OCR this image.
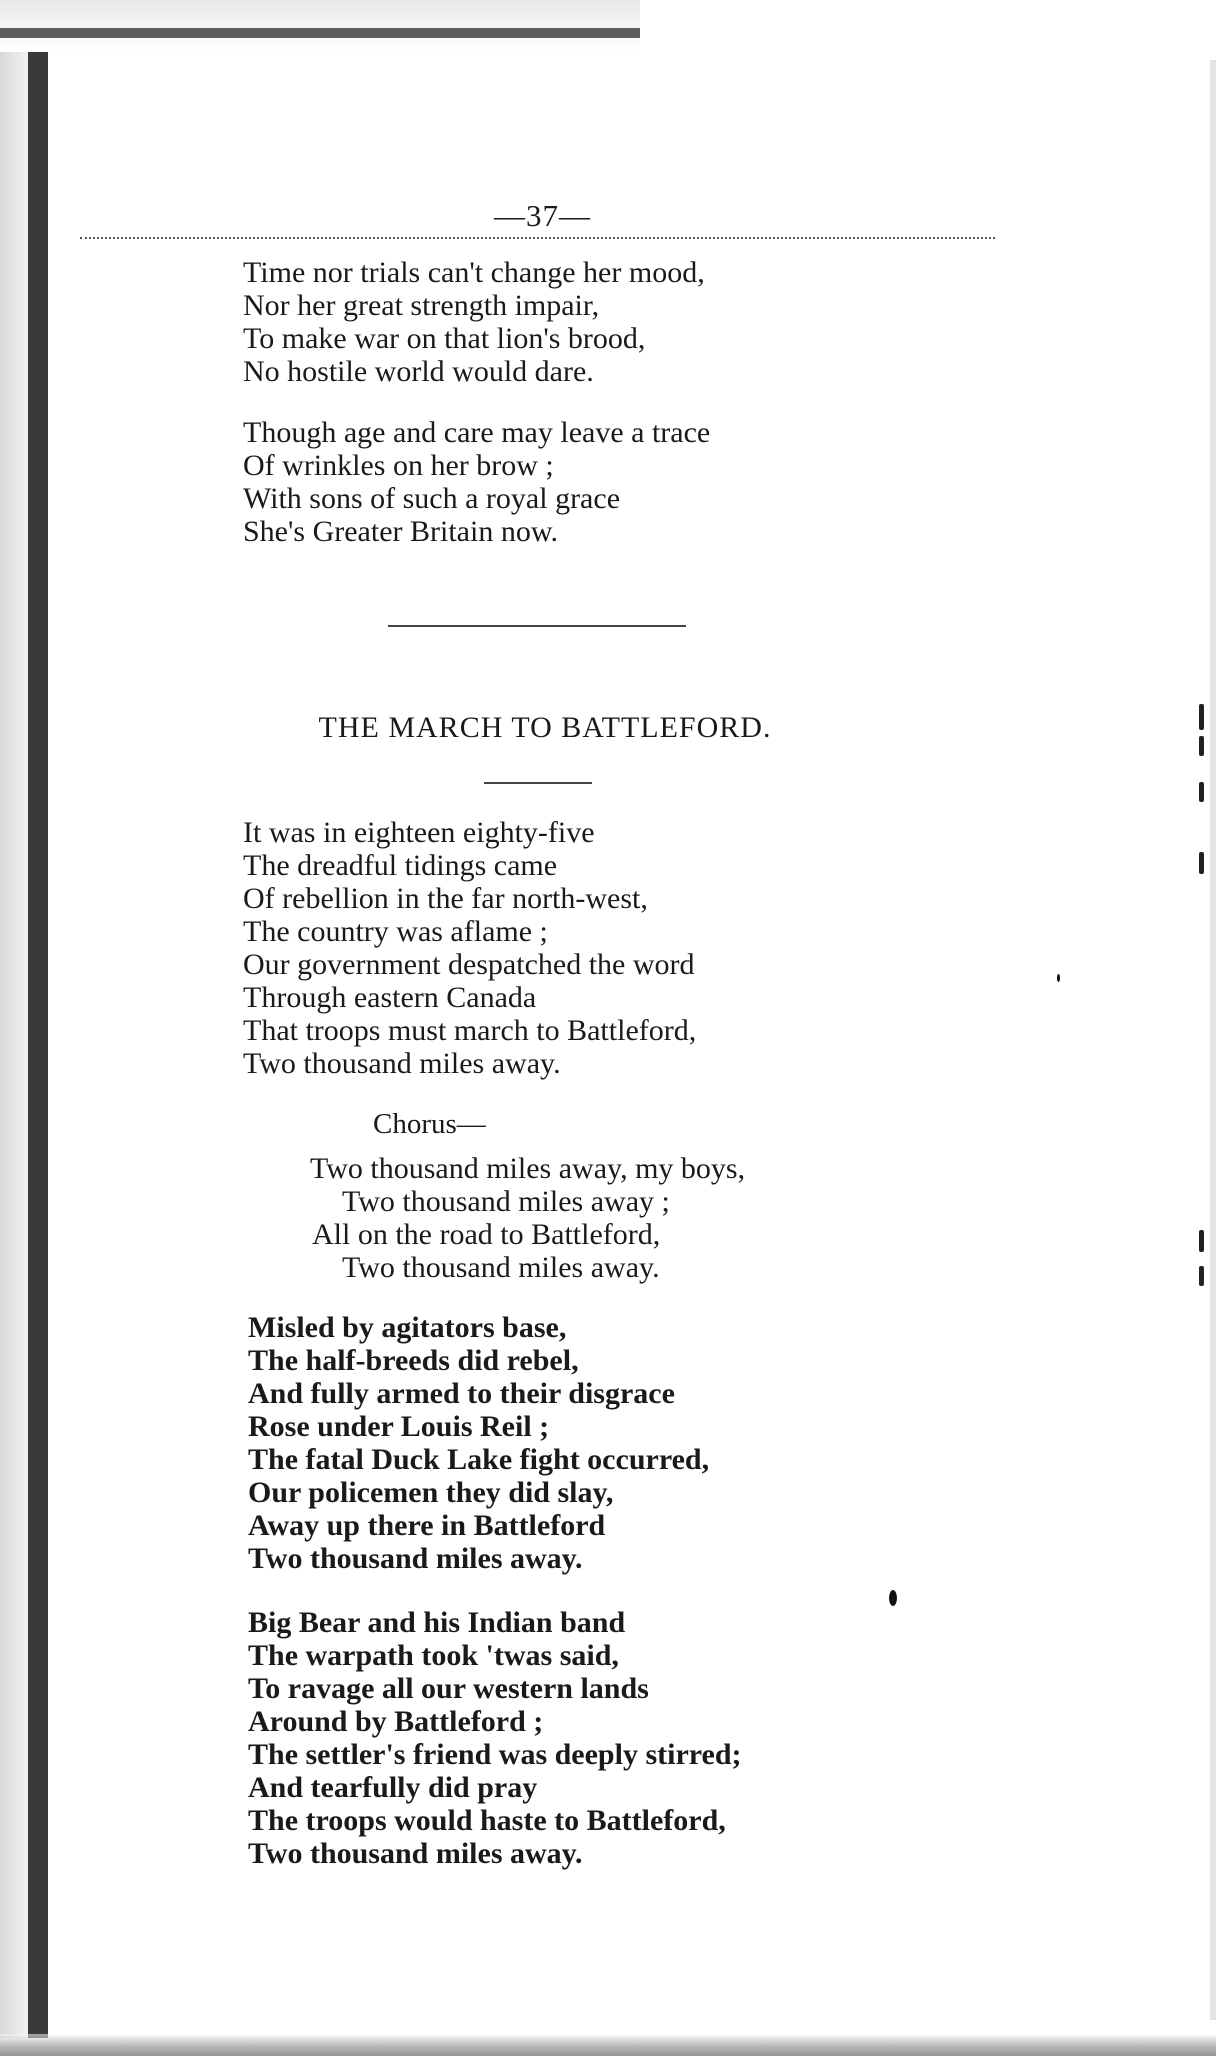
—37—
Time nor trials can't change her mood,
Nor her great strength impair,
To make war on that lion's brood,
No hostile world would dare.
Though age and care may leave a trace
Of wrinkles on her brow ;
With sons of such a royal grace
She's Greater Britain now.
THE MARCH TO BATTLEFORD.
It was in eighteen eighty-five
The dreadful tidings came
Of rebellion in the far north-west,
The country was aflame ;
Our government despatched the word
Through eastern Canada
That troops must march to Battleford,
Two thousand miles away.
Chorus—
Two thousand miles away, my boys,
Two thousand miles away ;
All on the road to Battleford,
Two thousand miles away.
Misled by agitators base,
The half-breeds did rebel,
And fully armed to their disgrace
Rose under Louis Reil ;
The fatal Duck Lake fight occurred,
Our policemen they did slay,
Away up there in Battleford
Two thousand miles away.
Big Bear and his Indian band
The warpath took 'twas said,
To ravage all our western lands
Around by Battleford ;
The settler's friend was deeply stirred;
And tearfully did pray
The troops would haste to Battleford,
Two thousand miles away.
